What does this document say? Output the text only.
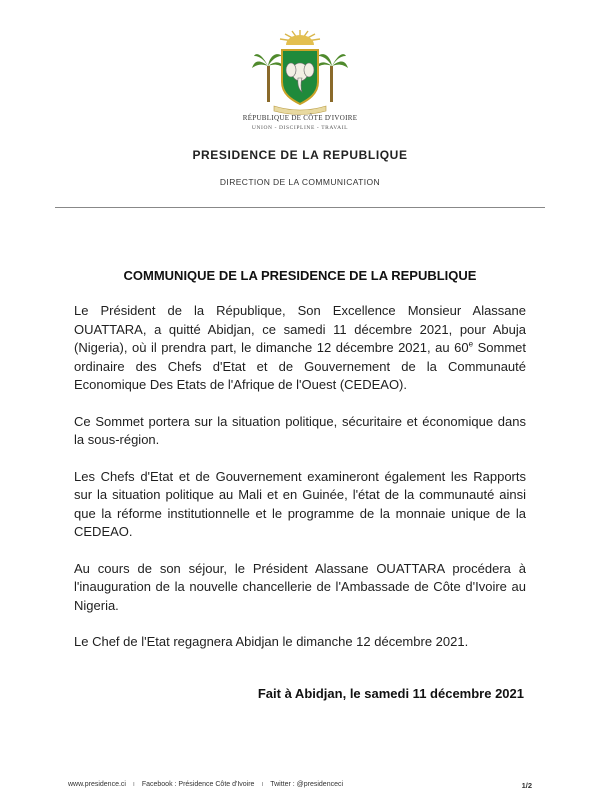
RÉPUBLIQUE DE CÔTE D'IVOIRE
UNION - DISCIPLINE - TRAVAIL
PRESIDENCE DE LA REPUBLIQUE
DIRECTION DE LA COMMUNICATION
COMMUNIQUE DE LA PRESIDENCE DE LA REPUBLIQUE

Le Président de la République, Son Excellence Monsieur Alassane OUATTARA, a quitté Abidjan, ce samedi 11 décembre 2021, pour Abuja (Nigeria), où il prendra part, le dimanche 12 décembre 2021, au 60e Sommet ordinaire des Chefs d'Etat et de Gouvernement de la Communauté Economique Des Etats de l'Afrique de l'Ouest (CEDEAO).

Ce Sommet portera sur la situation politique, sécuritaire et économique dans la sous-région.

Les Chefs d'Etat et de Gouvernement examineront également les Rapports sur la situation politique au Mali et en Guinée, l'état de la communauté ainsi que la réforme institutionnelle et le programme de la monnaie unique de la CEDEAO.

Au cours de son séjour, le Président Alassane OUATTARA procédera à l'inauguration de la nouvelle chancellerie de l'Ambassade de Côte d'Ivoire au Nigeria.

Le Chef de l'Etat regagnera Abidjan le dimanche 12 décembre 2021.

Fait à Abidjan, le samedi 11 décembre 2021
www.presidence.ci ı Facebook : Présidence Côte d'Ivoire ı Twitter : @presidenceci	1/2
